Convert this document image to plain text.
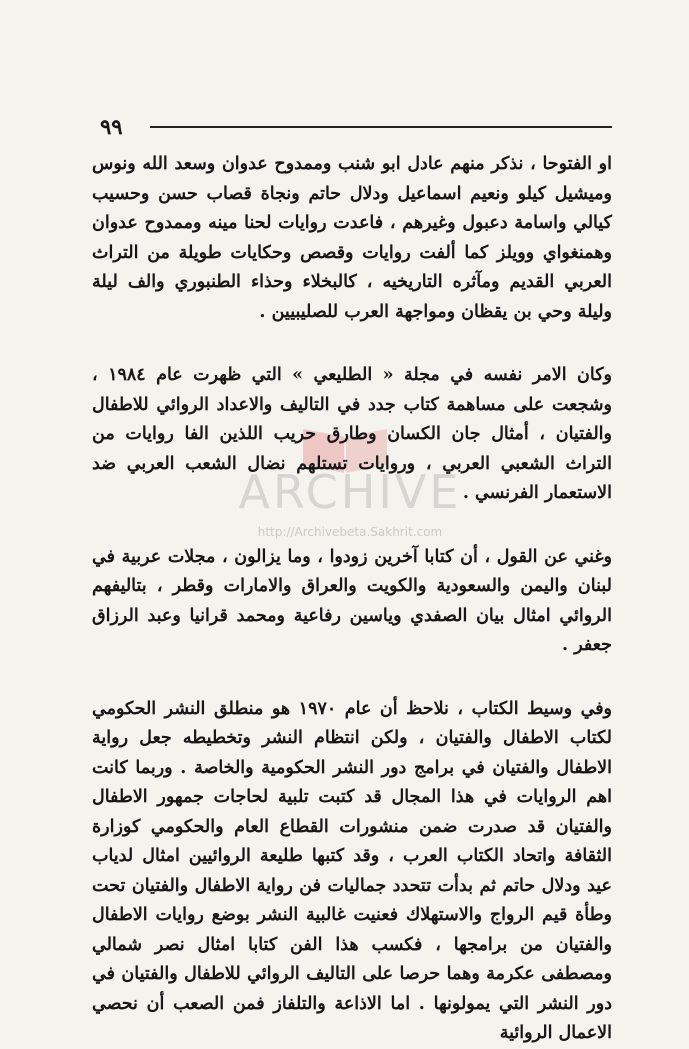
٩٩
ARCHIVE
http://Archivebeta.Sakhrit.com

او الفتوحا ، نذكر منهم عادل ابو شنب وممدوح عدوان وسعد الله ونوس وميشيل كيلو ونعيم اسماعيل ودلال حاتم ونجاة قصاب حسن وحسيب كيالي واسامة دعبول وغيرهم ، فاعدت روايات لحنا مينه وممدوح عدوان وهمنغواي وويلز كما ألفت روايات وقصص وحكايات طويلة من التراث العربي القديم ومآثره التاريخيه ، كالبخلاء وحذاء الطنبوري والف ليلة وليلة وحي بن يقظان ومواجهة العرب للصليبيين .

وكان الامر نفسه في مجلة « الطليعي » التي ظهرت عام ١٩٨٤ ، وشجعت على مساهمة كتاب جدد في التاليف والاعداد الروائي للاطفال والفتيان ، أمثال جان الكسان وطارق حريب اللذين الفا روايات من التراث الشعبي العربي ، وروايات تستلهم نضال الشعب العربي ضد الاستعمار الفرنسي .

وغني عن القول ، أن كتابا آخرين زودوا ، وما يزالون ، مجلات عربية في لبنان واليمن والسعودية والكويت والعراق والامارات وقطر ، بتاليفهم الروائي امثال بيان الصفدي وياسين رفاعية ومحمد قرانيا وعبد الرزاق جعفر .

وفي وسيط الكتاب ، نلاحظ أن عام ١٩٧٠ هو منطلق النشر الحكومي لكتاب الاطفال والفتيان ، ولكن انتظام النشر وتخطيطه جعل رواية الاطفال والفتيان في برامج دور النشر الحكومية والخاصة . وربما كانت اهم الروايات في هذا المجال قد كتبت تلبية لحاجات جمهور الاطفال والفتيان قد صدرت ضمن منشورات القطاع العام والحكومي كوزارة الثقافة واتحاد الكتاب العرب ، وقد كتبها طليعة الروائيين امثال لدياب عيد ودلال حاتم ثم بدأت تتحدد جماليات فن رواية الاطفال والفتيان تحت وطأة قيم الرواج والاستهلاك فعنيت غالبية النشر بوضع روايات الاطفال والفتيان من برامجها ، فكسب هذا الفن كتابا امثال نصر شمالي ومصطفى عكرمة وهما حرصا على التاليف الروائي للاطفال والفتيان في دور النشر التي يمولونها . اما الاذاعة والتلفاز فمن الصعب أن نحصي الاعمال الروائية
